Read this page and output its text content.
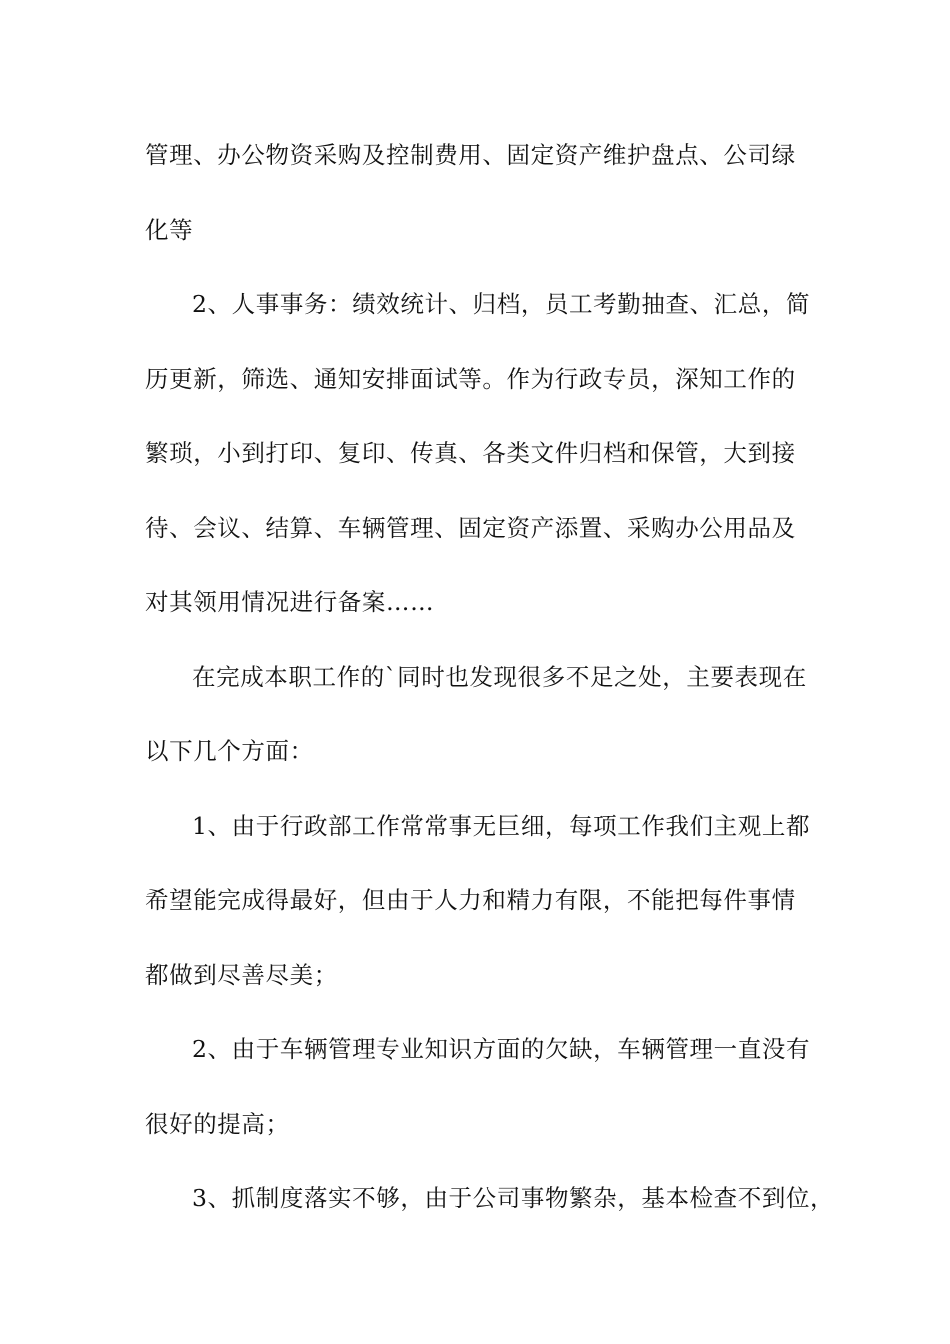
管理、办公物资采购及控制费用、固定资产维护盘点、公司绿
化等
2、人事事务：绩效统计、归档，员工考勤抽查、汇总，简
历更新，筛选、通知安排面试等。作为行政专员，深知工作的
繁琐，小到打印、复印、传真、各类文件归档和保管，大到接
待、会议、结算、车辆管理、固定资产添置、采购办公用品及
对其领用情况进行备案……
在完成本职工作的`同时也发现很多不足之处，主要表现在
以下几个方面：
1、由于行政部工作常常事无巨细，每项工作我们主观上都
希望能完成得最好，但由于人力和精力有限，不能把每件事情
都做到尽善尽美；
2、由于车辆管理专业知识方面的欠缺，车辆管理一直没有
很好的提高；
3、抓制度落实不够，由于公司事物繁杂，基本检查不到位，
